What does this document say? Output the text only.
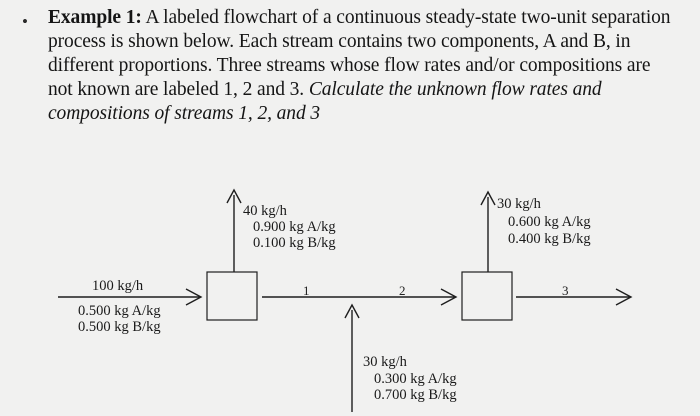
• Example 1: A labeled flowchart of a continuous steady-state two-unit separation process is shown below. Each stream contains two components, A and B, in different proportions. Three streams whose flow rates and/or compositions are not known are labeled 1, 2 and 3. Calculate the unknown flow rates and compositions of streams 1, 2, and 3
100 kg/h
0.500 kg A/kg
0.500 kg B/kg
40 kg/h
0.900 kg A/kg
0.100 kg B/kg
30 kg/h
0.600 kg A/kg
0.400 kg B/kg
30 kg/h
0.300 kg A/kg
0.700 kg B/kg
1	2	3
